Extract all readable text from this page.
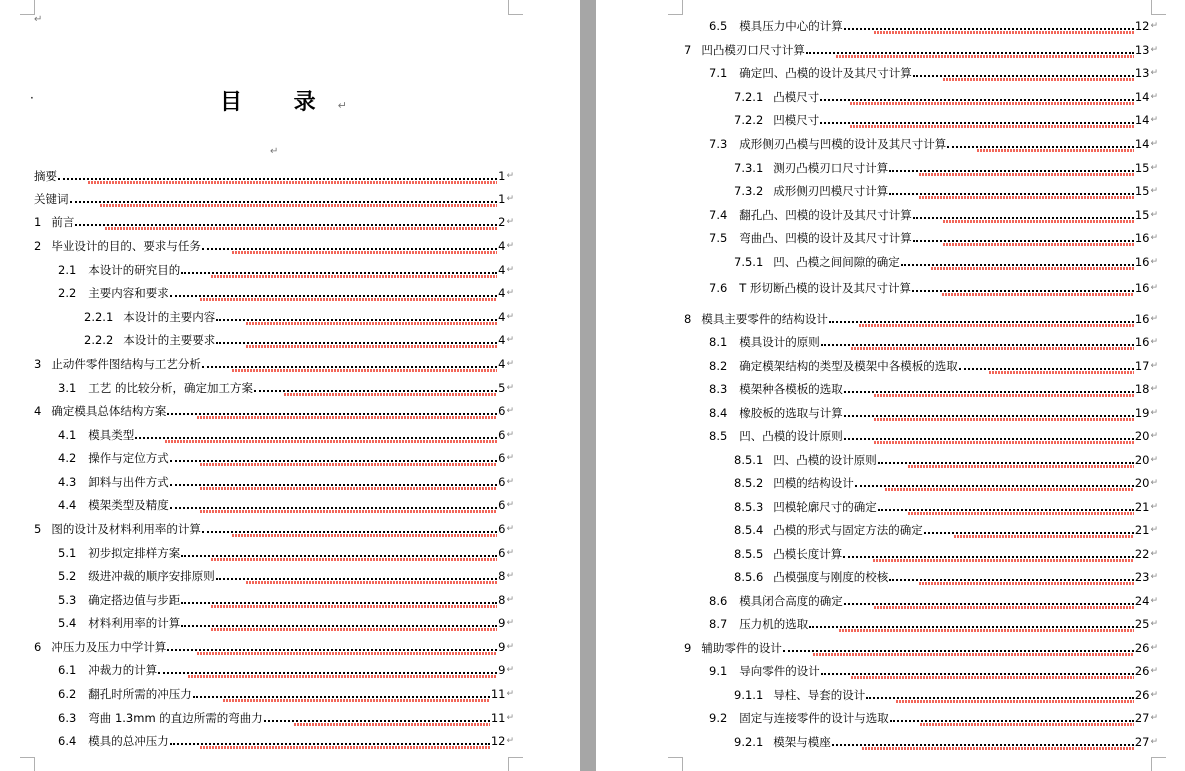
↵
·	目 录↵
↵
摘要	1 ↵
关键词	1 ↵
1 前言	2 ↵
2 毕业设计的目的、要求与任务	4 ↵
2.1 本设计的研究目的	4 ↵
2.2 主要内容和要求	4 ↵
2.2.1 本设计的主要内容	4 ↵
2.2.2 本设计的主要要求	4 ↵
3 止动件零件图结构与工艺分析	4 ↵
3.1 工艺 的比较分析，确定加工方案	5 ↵
4 确定模具总体结构方案	6 ↵
4.1 模具类型	6 ↵
4.2 操作与定位方式	6 ↵
4.3 卸料与出件方式	6 ↵
4.4 模架类型及精度	6 ↵
5 图的设计及材料利用率的计算	6 ↵
5.1 初步拟定排样方案	6 ↵
5.2 级进冲裁的顺序安排原则	8 ↵
5.3 确定搭边值与步距	8 ↵
5.4 材料利用率的计算	9 ↵
6 冲压力及压力中学计算	9 ↵
6.1 冲裁力的计算	9 ↵
6.2 翻孔时所需的冲压力	11 ↵
6.3 弯曲 1.3mm 的直边所需的弯曲力	11 ↵
6.4 模具的总冲压力	12 ↵
6.5 模具压力中心的计算	12 ↵
7 凹凸模刃口尺寸计算	13 ↵
7.1 确定凹、凸模的设计及其尺寸计算	13 ↵
7.2.1 凸模尺寸	14 ↵
7.2.2 凹模尺寸	14 ↵
7.3 成形侧刃凸模与凹模的设计及其尺寸计算	14 ↵
7.3.1 测刃凸模刃口尺寸计算	15 ↵
7.3.2 成形侧刃凹模尺寸计算	15 ↵
7.4 翻孔凸、凹模的设计及其尺寸计算	15 ↵
7.5 弯曲凸、凹模的设计及其尺寸计算	16 ↵
7.5.1 凹、凸模之间间隙的确定	16 ↵
7.6 T 形切断凸模的设计及其尺寸计算	16 ↵
8 模具主要零件的结构设计	16 ↵
8.1 模具设计的原则	16 ↵
8.2 确定模架结构的类型及模架中各模板的选取	17 ↵
8.3 模架种各模板的选取	18 ↵
8.4 橡胶板的选取与计算	19 ↵
8.5 凹、凸模的设计原则	20 ↵
8.5.1 凹、凸模的设计原则	20 ↵
8.5.2 凹模的结构设计	20 ↵
8.5.3 凹模轮廓尺寸的确定	21 ↵
8.5.4 凸模的形式与固定方法的确定	21 ↵
8.5.5 凸模长度计算	22 ↵
8.5.6 凸模强度与刚度的校核	23 ↵
8.6 模具闭合高度的确定	24 ↵
8.7 压力机的选取	25 ↵
9 辅助零件的设计	26 ↵
9.1 导向零件的设计	26 ↵
9.1.1 导柱、导套的设计	26 ↵
9.2 固定与连接零件的设计与选取	27 ↵
9.2.1 模架与模座	27 ↵
